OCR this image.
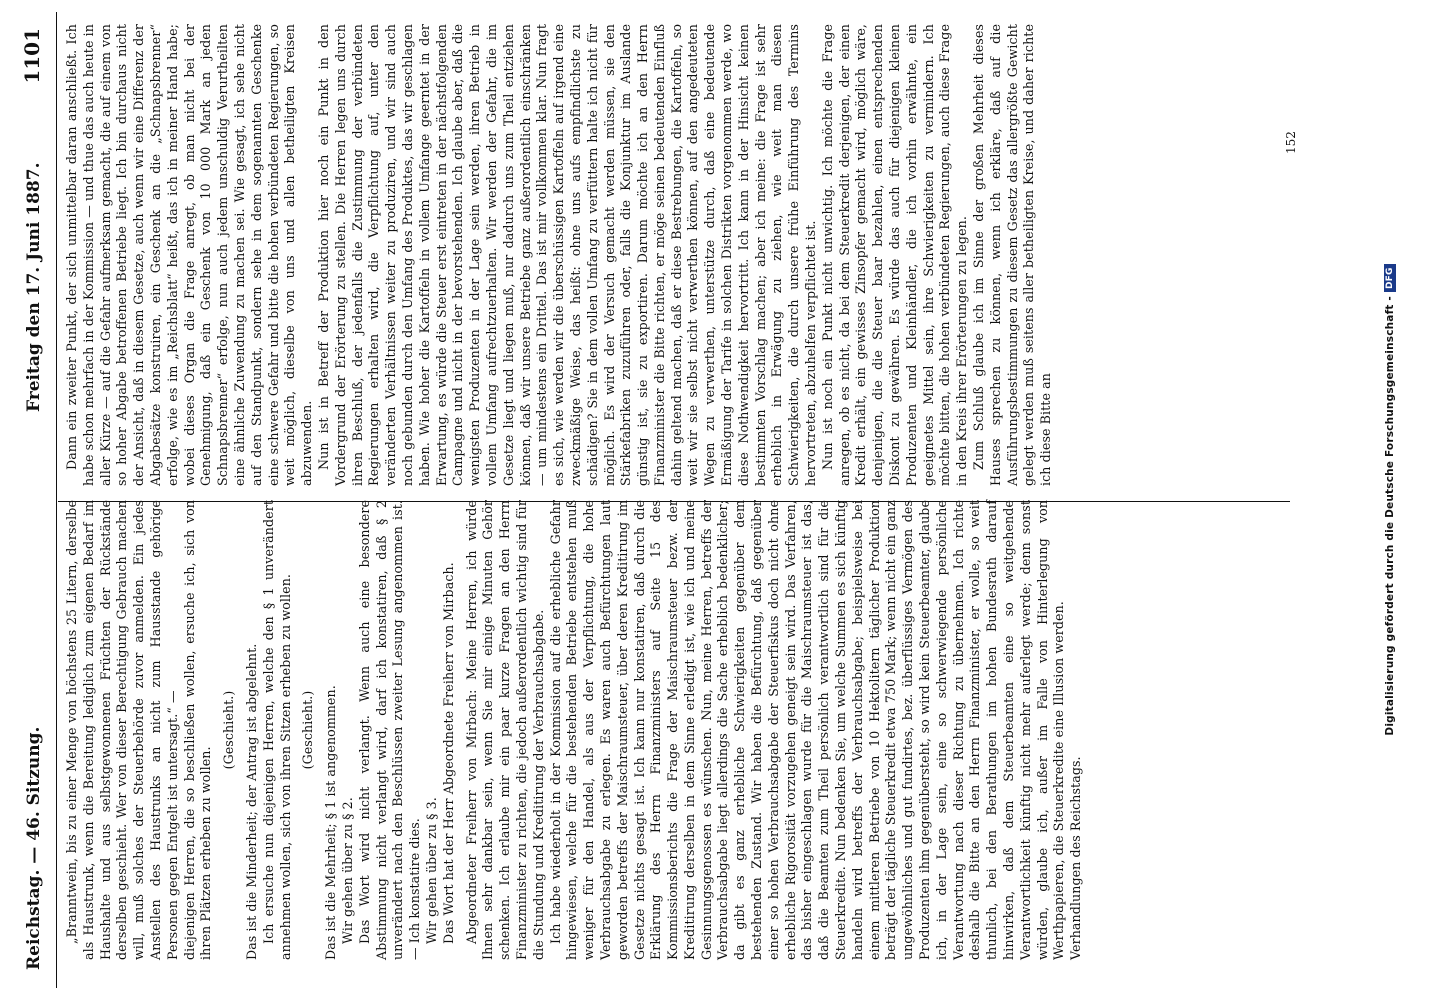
Reichstag. — 46. Sitzung.
Freitag den 17. Juni 1887.
1101

„Branntwein, bis zu einer Menge von höchstens 25 Litern, derselbe als Haustrunk, wenn die Bereitung lediglich zum eigenen Bedarf im Haushalte und aus selbstgewonnenen Früchten der Rückstände derselben geschieht. Wer von dieser Berechtigung Gebrauch machen will, muß solches der Steuerbehörde zuvor anmelden. Ein jedes Anstellen des Haustrunks an nicht zum Hausstande gehörige Personen gegen Entgelt ist untersagt.“ — diejenigen Herren, die so beschließen wollen, ersuche ich, sich von ihren Plätzen erheben zu wollen.

(Geschieht.) Das ist die Minderheit; der Antrag ist abgelehnt. Ich ersuche nun diejenigen Herren, welche den § 1 unverändert annehmen wollen, sich von ihren Sitzen erheben zu wollen. (Geschieht.) Das ist die Mehrheit; § 1 ist angenommen. Wir gehen über zu § 2. Das Wort wird nicht verlangt. Wenn auch eine besondere Abstimmung nicht verlangt wird, darf ich konstatiren, daß § 2 unverändert nach den Beschlüssen zweiter Lesung angenommen ist. — Ich konstatire dies. Wir gehen über zu § 3. Das Wort hat der Herr Abgeordnete Freiherr von Mirbach. Abgeordneter Freiherr von Mirbach: Meine Herren, ich würde Ihnen sehr dankbar sein, wenn Sie mir einige Minuten Gehör schenken. Ich erlaube mir ein paar kurze Fragen an den Herrn Finanzminister zu richten, die jedoch außerordentlich wichtig sind für die Stundung und Kreditirung der Verbrauchsabgabe. Ich habe wiederholt in der Kommission auf die erhebliche Gefahr hingewiesen, welche für die bestehenden Betriebe entstehen muß weniger für den Handel, als aus der Verpflichtung, die hohe Verbrauchsabgabe zu erlegen. Es waren auch Befürchtungen laut geworden betreffs der Maischraumsteuer, über deren Kreditirung im Gesetze nichts gesagt ist. Ich kann nur konstatiren, daß durch die Erklärung des Herrn Finanzministers auf Seite 15 des Kommissionsberichts die Frage der Maischraumsteuer bezw. der Kreditirung derselben in dem Sinne erledigt ist, wie ich und meine Gesinnungsgenossen es wünschen. Nun, meine Herren, betreffs der Verbrauchsabgabe liegt allerdings die Sache erheblich bedenklicher; da gibt es ganz erhebliche Schwierigkeiten gegenüber dem bestehenden Zustand. Wir haben die Befürchtung, daß gegenüber einer so hohen Verbrauchsabgabe der Steuerfiskus doch nicht ohne erhebliche Rigorosität vorzugehen geneigt sein wird. Das Verfahren, das bisher eingeschlagen wurde für die Maischraumsteuer ist das, daß die Beamten zum Theil persönlich verantwortlich sind für die Steuerkredite. Nun bedenken Sie, um welche Summen es sich künftig handeln wird betreffs der Verbrauchsabgabe; beispielsweise bei einem mittleren Betriebe von 10 Hektolitern täglicher Produktion beträgt der tägliche Steuerkredit etwa 750 Mark; wenn nicht ein ganz ungewöhnliches und gut fundirtes, bez. überflüssiges Vermögen des Produzenten ihm gegenübersteht, so wird kein Steuerbeamter, glaube ich, in der Lage sein, eine so schwerwiegende persönliche Verantwortung nach dieser Richtung zu übernehmen. Ich richte deshalb die Bitte an den Herrn Finanzminister, er wolle, so weit thunlich, bei den Berathungen im hohen Bundesrath darauf hinwirken, daß dem Steuerbeamten eine so weitgehende Verantwortlichkeit künftig nicht mehr auferlegt werde; denn sonst würden, glaube ich, außer im Falle von Hinterlegung von Werthpapieren, die Steuerkredite eine Illusion werden. Verhandlungen des Reichstags.

Dann ein zweiter Punkt, der sich unmittelbar daran anschließt. Ich habe schon mehrfach in der Kommission — und thue das auch heute in aller Kürze — auf die Gefahr aufmerksam gemacht, die auf einem von so hoher Abgabe betroffenen Betriebe liegt. Ich bin durchaus nicht der Ansicht, daß in diesem Gesetze, auch wenn wir eine Differenz der Abgabesätze konstruiren, ein Geschenk an die „Schnapsbrenner“ erfolge, wie es im „Reichsblatt“ heißt, das ich in meiner Hand habe; wobei dieses Organ die Frage anregt, ob man nicht bei der Genehmigung, daß ein Geschenk von 10 000 Mark an jeden Schnapsbrenner“ erfolge, nun auch jedem unschuldig Verurtheilten eine ähnliche Zuwendung zu machen sei. Wie gesagt, ich sehe nicht auf den Standpunkt, sondern sehe in dem sogenannten Geschenke eine schwere Gefahr und bitte die hohen verbündeten Regierungen, so weit möglich, dieselbe von uns und allen betheiligten Kreisen abzuwenden. Nun ist in Betreff der Produktion hier noch ein Punkt in den Vordergrund der Erörterung zu stellen. Die Herren legen uns durch ihren Beschluß, der jedenfalls die Zustimmung der verbündeten Regierungen erhalten wird, die Verpflichtung auf, unter den veränderten Verhältnissen weiter zu produziren, und wir sind auch noch gebunden durch den Umfang des Produktes, das wir geschlagen haben. Wie hoher die Kartoffeln in vollem Umfange geerntet in der Erwartung, es würde die Steuer erst eintreten in der nächstfolgenden Campagne und nicht in der bevorstehenden. Ich glaube aber, daß die wenigsten Produzenten in der Lage sein werden, ihren Betrieb in vollem Umfang aufrechtzuerhalten. Wir werden der Gefahr, die im Gesetze liegt und liegen muß, nur dadurch uns zum Theil entziehen können, daß wir unsere Betriebe ganz außerordentlich einschränken — um mindestens ein Drittel. Das ist mir vollkommen klar. Nun fragt es sich, wie werden wir die überschüssigen Kartoffeln auf irgend eine zweckmäßige Weise, das heißt: ohne uns aufs empfindlichste zu schädigen? Sie in dem vollen Umfang zu verfüttern halte ich nicht für möglich. Es wird der Versuch gemacht werden müssen, sie den Stärkefabriken zuzuführen oder, falls die Konjunktur im Auslande günstig ist, sie zu exportiren. Darum möchte ich an den Herrn Finanzminister die Bitte richten, er möge seinen bedeutenden Einfluß dahin geltend machen, daß er diese Bestrebungen, die Kartoffeln, so weit wir sie selbst nicht verwerthen können, auf den angedeuteten Wegen zu verwerthen, unterstütze durch, daß eine bedeutende Ermäßigung der Tarife in solchen Distrikten vorgenommen werde, wo diese Nothwendigkeit hervortritt. Ich kann in der Hinsicht keinen bestimmten Vorschlag machen; aber ich meine: die Frage ist sehr erheblich in Erwägung zu ziehen, wie weit man diesen Schwierigkeiten, die durch unsere frühe Einführung des Termins hervortreten, abzuhelfen verpflichtet ist. Nun ist noch ein Punkt nicht unwichtig. Ich möchte die Frage anregen, ob es nicht, da bei dem Steuerkredit derjenigen, der einen Kredit erhält, ein gewisses Zinsopfer gemacht wird, möglich wäre, denjenigen, die die Steuer baar bezahlen, einen entsprechenden Diskont zu gewähren. Es würde das auch für diejenigen kleinen Produzenten und Kleinhändler, die ich vorhin erwähnte, ein geeignetes Mittel sein, ihre Schwierigkeiten zu vermindern. Ich möchte bitten, die hohen verbündeten Regierungen, auch diese Frage in den Kreis ihrer Erörterungen zu legen. Zum Schluß glaube ich im Sinne der großen Mehrheit dieses Hauses sprechen zu können, wenn ich erkläre, daß auf die Ausführungsbestimmungen zu diesem Gesetz das allergrößte Gewicht gelegt werden muß seitens aller betheiligten Kreise, und daher richte ich diese Bitte an

152
Digitalisierung gefördert durch die Deutsche Forschungsgemeinschaft -DFG
